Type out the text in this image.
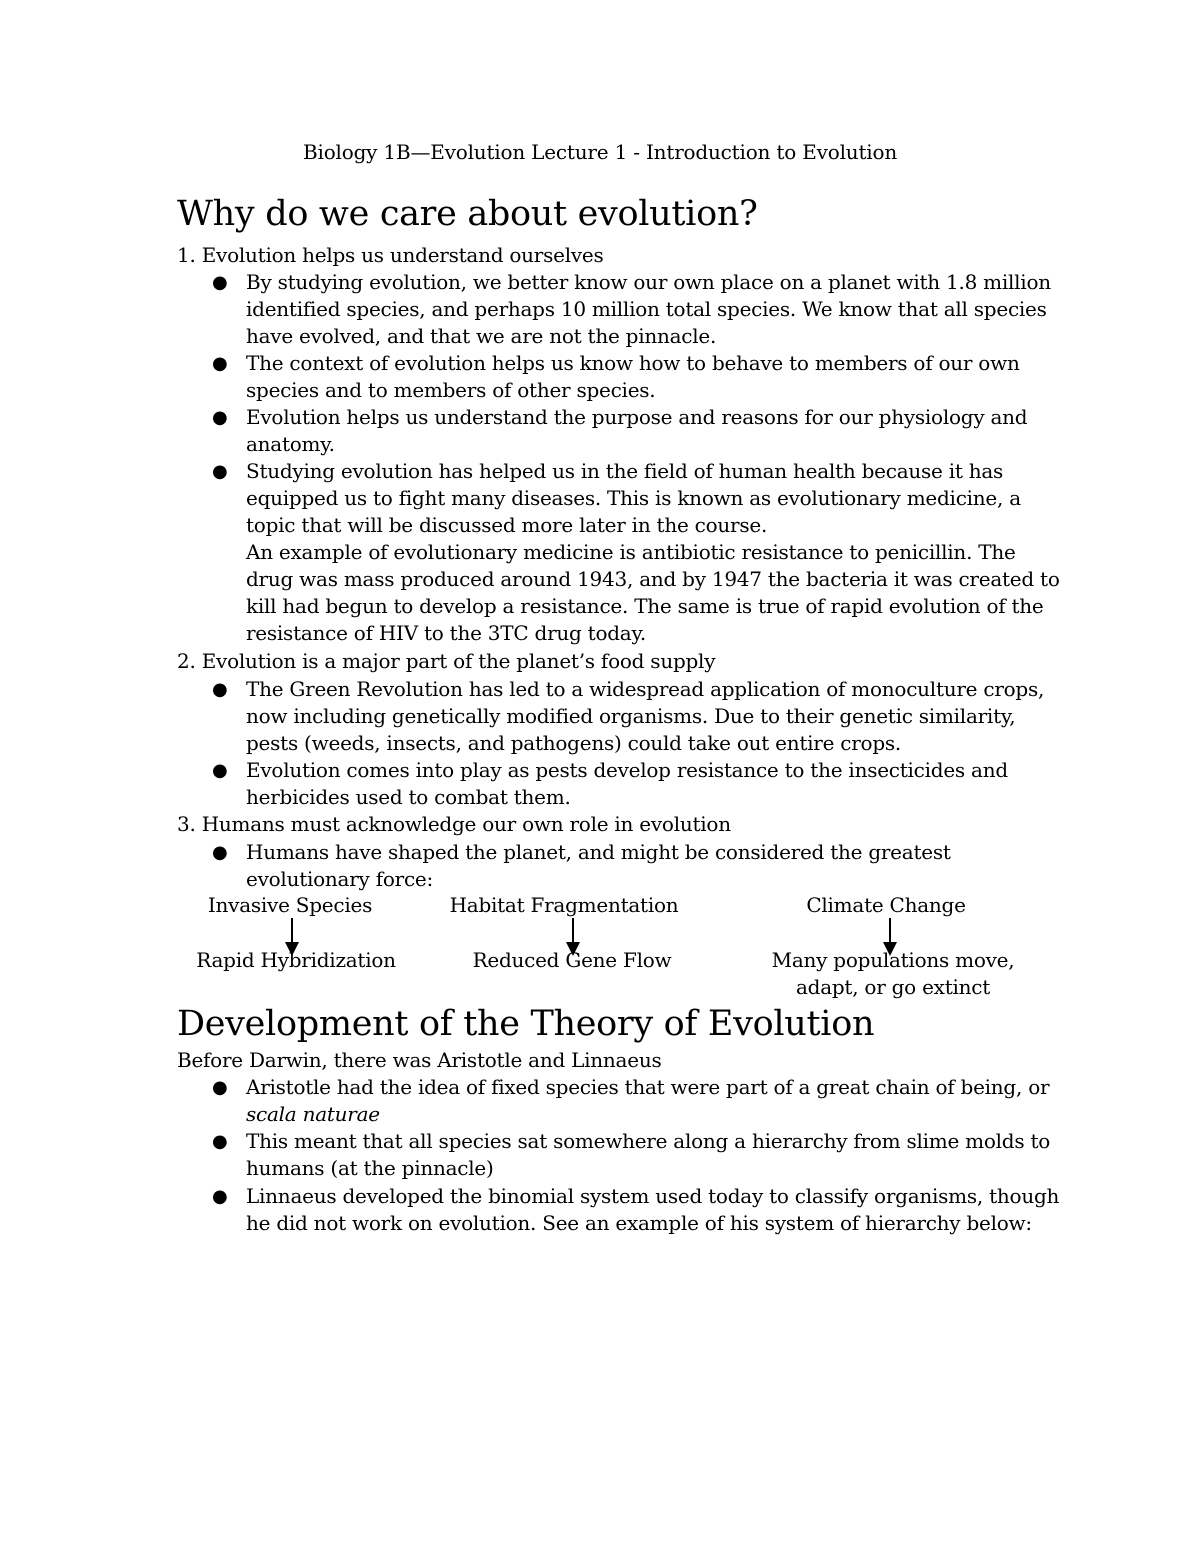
Biology 1B—Evolution Lecture 1 - Introduction to Evolution
Why do we care about evolution?
1. Evolution helps us understand ourselves
● By studying evolution, we better know our own place on a planet with 1.8 million
identified species, and perhaps 10 million total species. We know that all species
have evolved, and that we are not the pinnacle.
● The context of evolution helps us know how to behave to members of our own
species and to members of other species.
● Evolution helps us understand the purpose and reasons for our physiology and
anatomy.
● Studying evolution has helped us in the field of human health because it has
equipped us to fight many diseases. This is known as evolutionary medicine, a
topic that will be discussed more later in the course.
An example of evolutionary medicine is antibiotic resistance to penicillin. The
drug was mass produced around 1943, and by 1947 the bacteria it was created to
kill had begun to develop a resistance. The same is true of rapid evolution of the
resistance of HIV to the 3TC drug today.
2. Evolution is a major part of the planet’s food supply
● The Green Revolution has led to a widespread application of monoculture crops,
now including genetically modified organisms. Due to their genetic similarity,
pests (weeds, insects, and pathogens) could take out entire crops.
● Evolution comes into play as pests develop resistance to the insecticides and
herbicides used to combat them.
3. Humans must acknowledge our own role in evolution
● Humans have shaped the planet, and might be considered the greatest
evolutionary force:
Invasive Species	Habitat Fragmentation	Climate Change
Rapid Hybridization	Reduced Gene Flow	Many populations move,
adapt, or go extinct
Development of the Theory of Evolution
Before Darwin, there was Aristotle and Linnaeus
● Aristotle had the idea of fixed species that were part of a great chain of being, or
scala naturae
● This meant that all species sat somewhere along a hierarchy from slime molds to
humans (at the pinnacle)
● Linnaeus developed the binomial system used today to classify organisms, though
he did not work on evolution. See an example of his system of hierarchy below:
